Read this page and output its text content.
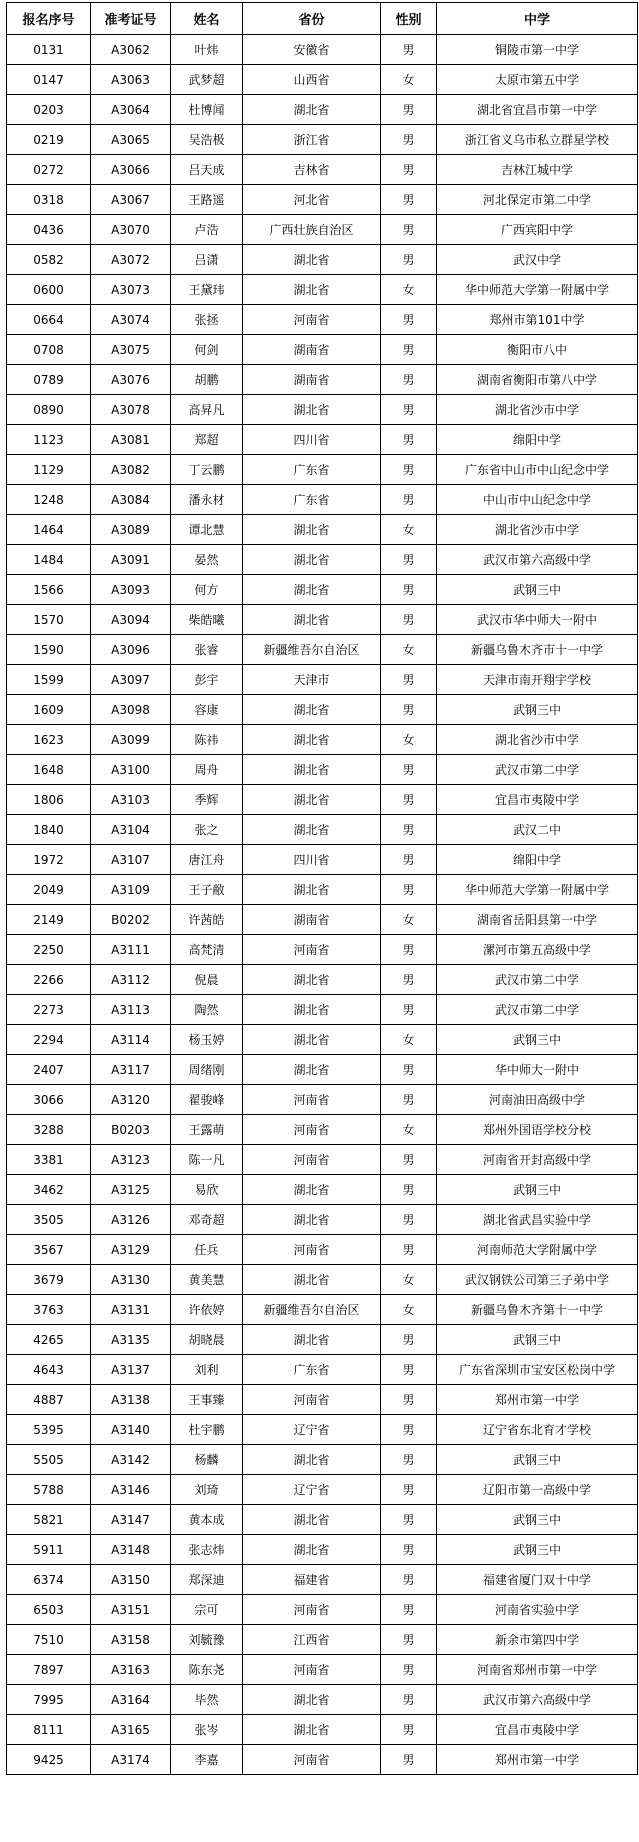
报名序号	准考证号	姓名	省份	性别	中学
0131	A3062	叶炜	安徽省	男	铜陵市第一中学
0147	A3063	武梦超	山西省	女	太原市第五中学
0203	A3064	杜博闻	湖北省	男	湖北省宜昌市第一中学
0219	A3065	吴浩极	浙江省	男	浙江省义乌市私立群星学校
0272	A3066	吕天成	吉林省	男	吉林江城中学
0318	A3067	王路遥	河北省	男	河北保定市第二中学
0436	A3070	卢浩	广西壮族自治区	男	广西宾阳中学
0582	A3072	吕潇	湖北省	男	武汉中学
0600	A3073	王黛玮	湖北省	女	华中师范大学第一附属中学
0664	A3074	张拯	河南省	男	郑州市第101中学
0708	A3075	何剑	湖南省	男	衡阳市八中
0789	A3076	胡鹏	湖南省	男	湖南省衡阳市第八中学
0890	A3078	高昇凡	湖北省	男	湖北省沙市中学
1123	A3081	郑超	四川省	男	绵阳中学
1129	A3082	丁云鹏	广东省	男	广东省中山市中山纪念中学
1248	A3084	潘永材	广东省	男	中山市中山纪念中学
1464	A3089	谭北慧	湖北省	女	湖北省沙市中学
1484	A3091	晏然	湖北省	男	武汉市第六高级中学
1566	A3093	何方	湖北省	男	武钢三中
1570	A3094	柴皓曦	湖北省	男	武汉市华中师大一附中
1590	A3096	张睿	新疆维吾尔自治区	女	新疆乌鲁木齐市十一中学
1599	A3097	彭宇	天津市	男	天津市南开翔宇学校
1609	A3098	容康	湖北省	男	武钢三中
1623	A3099	陈祎	湖北省	女	湖北省沙市中学
1648	A3100	周舟	湖北省	男	武汉市第二中学
1806	A3103	季辉	湖北省	男	宜昌市夷陵中学
1840	A3104	张之	湖北省	男	武汉二中
1972	A3107	唐江舟	四川省	男	绵阳中学
2049	A3109	王子敝	湖北省	男	华中师范大学第一附属中学
2149	B0202	许茜皓	湖南省	女	湖南省岳阳县第一中学
2250	A3111	高梵清	河南省	男	漯河市第五高级中学
2266	A3112	倪晨	湖北省	男	武汉市第二中学
2273	A3113	陶然	湖北省	男	武汉市第二中学
2294	A3114	杨玉婷	湖北省	女	武钢三中
2407	A3117	周绪刚	湖北省	男	华中师大一附中
3066	A3120	翟骏峰	河南省	男	河南油田高级中学
3288	B0203	王露萌	河南省	女	郑州外国语学校分校
3381	A3123	陈一凡	河南省	男	河南省开封高级中学
3462	A3125	易欣	湖北省	男	武钢三中
3505	A3126	邓奇超	湖北省	男	湖北省武昌实验中学
3567	A3129	任兵	河南省	男	河南师范大学附属中学
3679	A3130	黄美慧	湖北省	女	武汉钢铁公司第三子弟中学
3763	A3131	许依婷	新疆维吾尔自治区	女	新疆乌鲁木齐第十一中学
4265	A3135	胡晓晨	湖北省	男	武钢三中
4643	A3137	刘利	广东省	男	广东省深圳市宝安区松岗中学
4887	A3138	王事臻	河南省	男	郑州市第一中学
5395	A3140	杜宇鹏	辽宁省	男	辽宁省东北育才学校
5505	A3142	杨麟	湖北省	男	武钢三中
5788	A3146	刘琦	辽宁省	男	辽阳市第一高级中学
5821	A3147	黄本成	湖北省	男	武钢三中
5911	A3148	张志炜	湖北省	男	武钢三中
6374	A3150	郑深迪	福建省	男	福建省厦门双十中学
6503	A3151	宗可	河南省	男	河南省实验中学
7510	A3158	刘毓豫	江西省	男	新余市第四中学
7897	A3163	陈东尧	河南省	男	河南省郑州市第一中学
7995	A3164	毕然	湖北省	男	武汉市第六高级中学
8111	A3165	张岑	湖北省	男	宜昌市夷陵中学
9425	A3174	李嘉	河南省	男	郑州市第一中学
